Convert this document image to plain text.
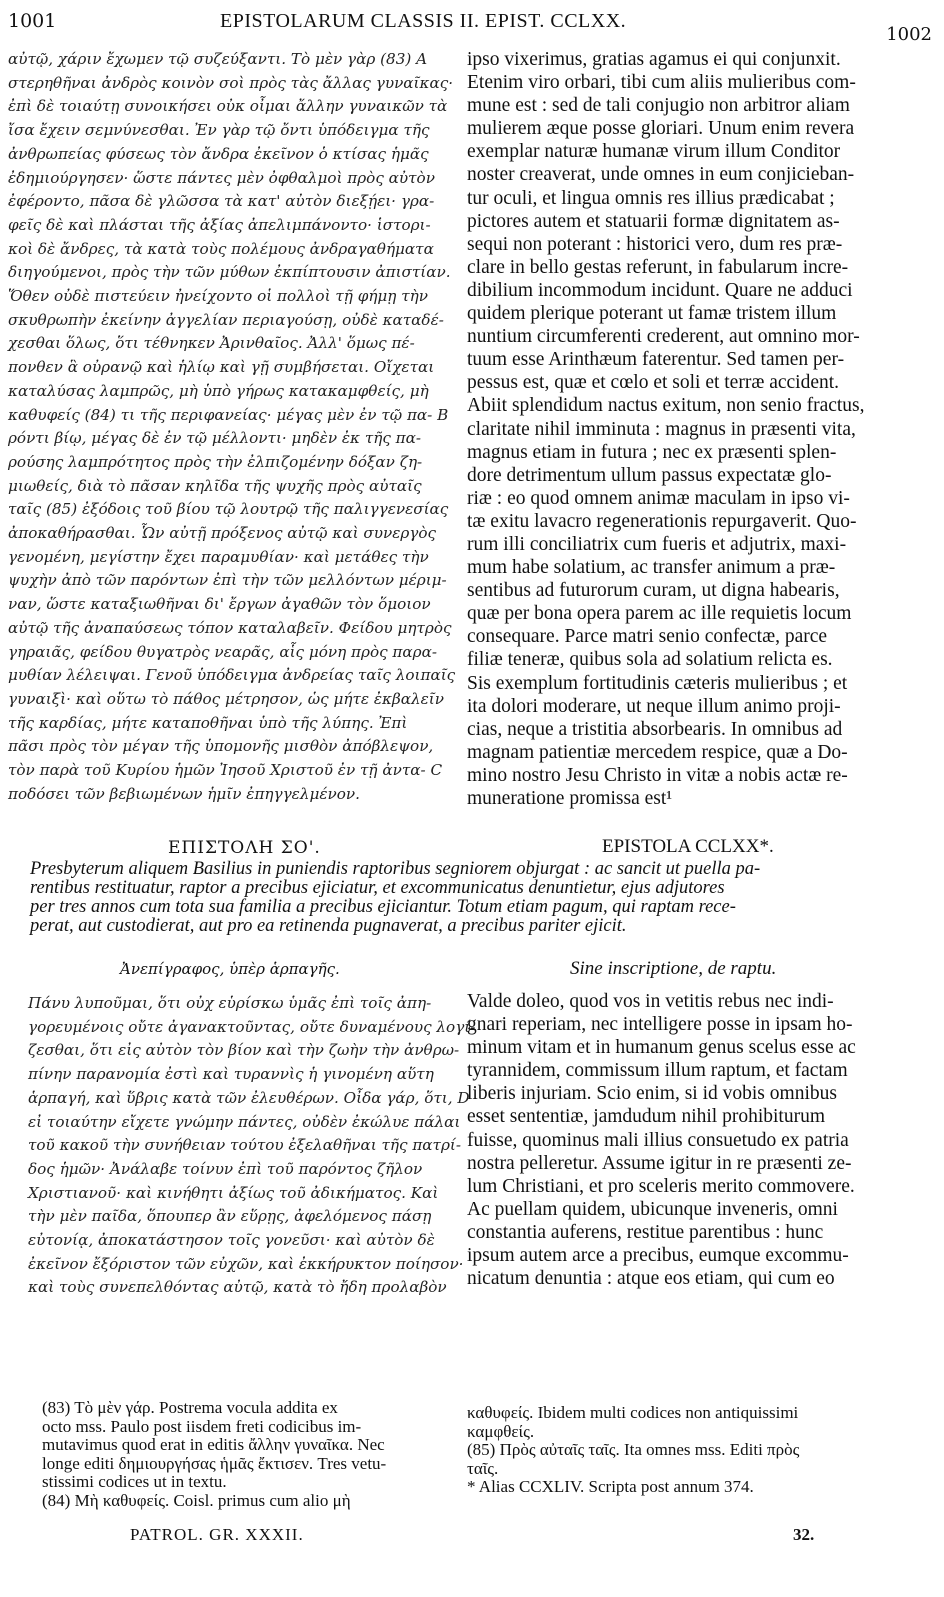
1001	EPISTOLARUM CLASSIS II. EPIST. CCLXX.
1002
αὐτῷ, χάριν ἔχωμεν τῷ συζεύξαντι. Τὸ μὲν γὰρ (83) A
στερηθῆναι ἀνδρὸς κοινὸν σοὶ πρὸς τὰς ἄλλας γυναῖκας·
ἐπὶ δὲ τοιαύτῃ συνοικήσει οὐκ οἶμαι ἄλλην γυναικῶν τὰ
ἴσα ἔχειν σεμνύνεσθαι. Ἐν γὰρ τῷ ὄντι ὑπόδειγμα τῆς
ἀνθρωπείας φύσεως τὸν ἄνδρα ἐκεῖνον ὁ κτίσας ἡμᾶς
ἐδημιούργησεν· ὥστε πάντες μὲν ὀφθαλμοὶ πρὸς αὐτὸν
ἐφέροντο, πᾶσα δὲ γλῶσσα τὰ κατ' αὐτὸν διεξῄει· γρα-
φεῖς δὲ καὶ πλάσται τῆς ἀξίας ἀπελιμπάνοντο· ἱστορι-
κοὶ δὲ ἄνδρες, τὰ κατὰ τοὺς πολέμους ἀνδραγαθήματα
διηγούμενοι, πρὸς τὴν τῶν μύθων ἐκπίπτουσιν ἀπιστίαν.
Ὅθεν οὐδὲ πιστεύειν ἠνείχοντο οἱ πολλοὶ τῇ φήμῃ τὴν
σκυθρωπὴν ἐκείνην ἀγγελίαν περιαγούσῃ, οὐδὲ καταδέ-
χεσθαι ὅλως, ὅτι τέθνηκεν Ἀρινθαῖος. Ἀλλ' ὅμως πέ-
πονθεν ἃ οὐρανῷ καὶ ἡλίῳ καὶ γῇ συμβήσεται. Οἴχεται
καταλύσας λαμπρῶς, μὴ ὑπὸ γήρως κατακαμφθείς, μὴ
καθυφείς (84) τι τῆς περιφανείας· μέγας μὲν ἐν τῷ πα- B
ρόντι βίῳ, μέγας δὲ ἐν τῷ μέλλοντι· μηδὲν ἐκ τῆς πα-
ρούσης λαμπρότητος πρὸς τὴν ἐλπιζομένην δόξαν ζη-
μιωθείς, διὰ τὸ πᾶσαν κηλῖδα τῆς ψυχῆς πρὸς αὐταῖς
ταῖς (85) ἐξόδοις τοῦ βίου τῷ λουτρῷ τῆς παλιγγενεσίας
ἀποκαθήρασθαι. Ὧν αὐτῇ πρόξενος αὐτῷ καὶ συνεργὸς
γενομένη, μεγίστην ἔχει παραμυθίαν· καὶ μετάθες τὴν
ψυχὴν ἀπὸ τῶν παρόντων ἐπὶ τὴν τῶν μελλόντων μέριμ-
ναν, ὥστε καταξιωθῆναι δι' ἔργων ἀγαθῶν τὸν ὅμοιον
αὐτῷ τῆς ἀναπαύσεως τόπον καταλαβεῖν. Φείδου μητρὸς
γηραιᾶς, φείδου θυγατρὸς νεαρᾶς, αἷς μόνη πρὸς παρα-
μυθίαν λέλειψαι. Γενοῦ ὑπόδειγμα ἀνδρείας ταῖς λοιπαῖς
γυναιξὶ· καὶ οὕτω τὸ πάθος μέτρησον, ὡς μήτε ἐκβαλεῖν
τῆς καρδίας, μήτε καταποθῆναι ὑπὸ τῆς λύπης. Ἐπὶ
πᾶσι πρὸς τὸν μέγαν τῆς ὑπομονῆς μισθὸν ἀπόβλεψον,
τὸν παρὰ τοῦ Κυρίου ἡμῶν Ἰησοῦ Χριστοῦ ἐν τῇ ἀντα- C
ποδόσει τῶν βεβιωμένων ἡμῖν ἐπηγγελμένον.
ipso vixerimus, gratias agamus ei qui conjunxit.
Etenim viro orbari, tibi cum aliis mulieribus com-
mune est : sed de tali conjugio non arbitror aliam
mulierem æque posse gloriari. Unum enim revera
exemplar naturæ humanæ virum illum Conditor
noster creaverat, unde omnes in eum conjicieban-
tur oculi, et lingua omnis res illius prædicabat ;
pictores autem et statuarii formæ dignitatem as-
sequi non poterant : historici vero, dum res præ-
clare in bello gestas referunt, in fabularum incre-
dibilium incommodum incidunt. Quare ne adduci
quidem plerique poterant ut famæ tristem illum
nuntium circumferenti crederent, aut omnino mor-
tuum esse Arinthæum faterentur. Sed tamen per-
pessus est, quæ et cœlo et soli et terræ accident.
Abiit splendidum nactus exitum, non senio fractus,
claritate nihil imminuta : magnus in præsenti vita,
magnus etiam in futura ; nec ex præsenti splen-
dore detrimentum ullum passus expectatæ glo-
riæ : eo quod omnem animæ maculam in ipso vi-
tæ exitu lavacro regenerationis repurgaverit. Quo-
rum illi conciliatrix cum fueris et adjutrix, maxi-
mum habe solatium, ac transfer animum a præ-
sentibus ad futurorum curam, ut digna habearis,
quæ per bona opera parem ac ille requietis locum
consequare. Parce matri senio confectæ, parce
filiæ teneræ, quibus sola ad solatium relicta es.
Sis exemplum fortitudinis cæteris mulieribus ; et
ita dolori moderare, ut neque illum animo proji-
cias, neque a tristitia absorbearis. In omnibus ad
magnam patientiæ mercedem respice, quæ a Do-
mino nostro Jesu Christo in vitæ a nobis actæ re-
muneratione promissa est¹
ΕΠΙΣΤΟΛΗ ΣΟ'.	EPISTOLA CCLXX*.
Presbyterum aliquem Basilius in puniendis raptoribus segniorem objurgat : ac sancit ut puella pa-
rentibus restituatur, raptor a precibus ejiciatur, et excommunicatus denuntietur, ejus adjutores
per tres annos cum tota sua familia a precibus ejiciantur. Totum etiam pagum, qui raptam rece-
perat, aut custodierat, aut pro ea retinenda pugnaverat, a precibus pariter ejicit.
Ἀνεπίγραφος, ὑπὲρ ἁρπαγῆς.	Sine inscriptione, de raptu.
Πάνυ λυποῦμαι, ὅτι οὐχ εὑρίσκω ὑμᾶς ἐπὶ τοῖς ἀπη-
γορευμένοις οὔτε ἀγανακτοῦντας, οὔτε δυναμένους λογί-
ζεσθαι, ὅτι εἰς αὐτὸν τὸν βίον καὶ τὴν ζωὴν τὴν ἀνθρω-
πίνην παρανομία ἐστὶ καὶ τυραννὶς ἡ γινομένη αὕτη
ἁρπαγή, καὶ ὕβρις κατὰ τῶν ἐλευθέρων. Οἶδα γάρ, ὅτι, D
εἰ τοιαύτην εἴχετε γνώμην πάντες, οὐδὲν ἐκώλυε πάλαι
τοῦ κακοῦ τὴν συνήθειαν τούτου ἐξελαθῆναι τῆς πατρί-
δος ἡμῶν· Ἀνάλαβε τοίνυν ἐπὶ τοῦ παρόντος ζῆλον
Χριστιανοῦ· καὶ κινήθητι ἀξίως τοῦ ἀδικήματος. Καὶ
τὴν μὲν παῖδα, ὅπουπερ ἂν εὕρῃς, ἀφελόμενος πάσῃ
εὐτονίᾳ, ἀποκατάστησον τοῖς γονεῦσι· καὶ αὐτὸν δὲ
ἐκεῖνον ἔξόριστον τῶν εὐχῶν, καὶ ἐκκήρυκτον ποίησον·
καὶ τοὺς συνεπελθόντας αὐτῷ, κατὰ τὸ ἤδη προλαβὸν
Valde doleo, quod vos in vetitis rebus nec indi-
gnari reperiam, nec intelligere posse in ipsam ho-
minum vitam et in humanum genus scelus esse ac
tyrannidem, commissum illum raptum, et factam
liberis injuriam. Scio enim, si id vobis omnibus
esset sententiæ, jamdudum nihil prohibiturum
fuisse, quominus mali illius consuetudo ex patria
nostra pelleretur. Assume igitur in re præsenti ze-
lum Christiani, et pro sceleris merito commovere.
Ac puellam quidem, ubicunque inveneris, omni
constantia auferens, restitue parentibus : hunc
ipsum autem arce a precibus, eumque excommu-
nicatum denuntia : atque eos etiam, qui cum eo
(83) Τὸ μὲν γάρ. Postrema vocula addita ex
octo mss. Paulo post iisdem freti codicibus im-
mutavimus quod erat in editis ἄλλην γυναῖκα. Nec
longe editi δημιουργήσας ἡμᾶς ἔκτισεν. Tres vetu-
stissimi codices ut in textu.
(84) Μὴ καθυφείς. Coisl. primus cum alio μὴ
καθυφείς. Ibidem multi codices non antiquissimi
καμφθείς.
(85) Πρὸς αὐταῖς ταῖς. Ita omnes mss. Editi πρὸς
ταῖς.
* Alias CCXLIV. Scripta post annum 374.
PATROL. GR. XXXII.	32.
